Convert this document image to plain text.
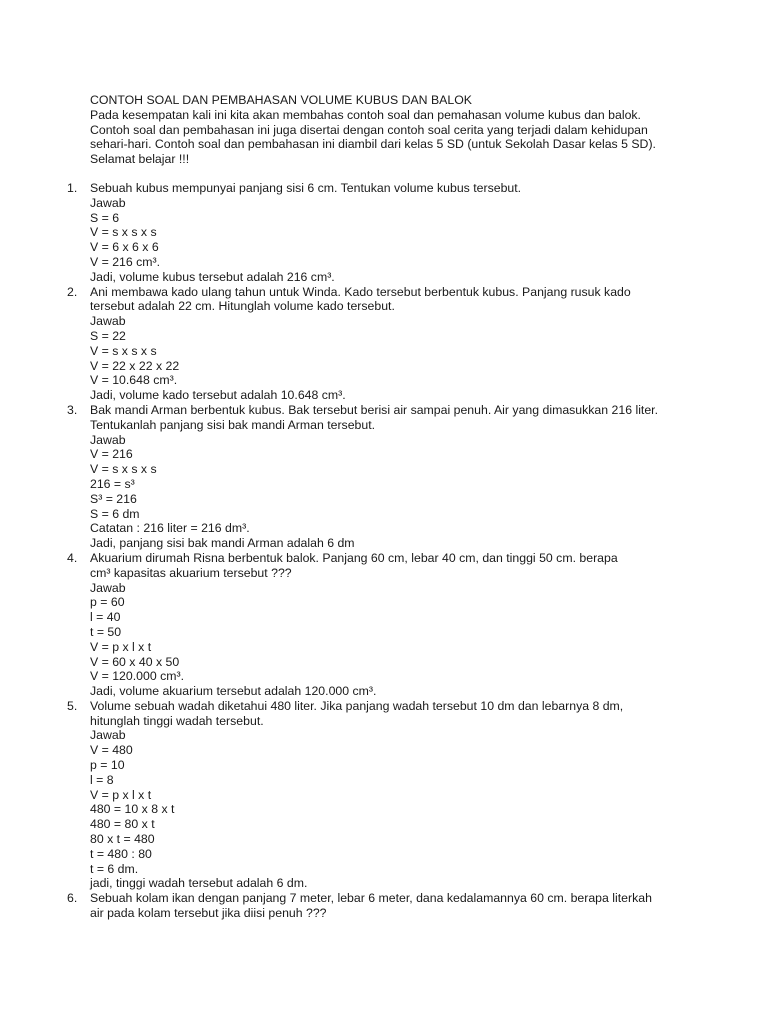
CONTOH SOAL DAN PEMBAHASAN VOLUME KUBUS DAN BALOK
Pada kesempatan kali ini kita akan membahas contoh soal dan pemahasan volume kubus dan balok.
Contoh soal dan pembahasan ini juga disertai dengan contoh soal cerita yang terjadi dalam kehidupan
sehari-hari. Contoh soal dan pembahasan ini diambil dari kelas 5 SD (untuk Sekolah Dasar kelas 5 SD).
Selamat belajar !!!
1.	Sebuah kubus mempunyai panjang sisi 6 cm. Tentukan volume kubus tersebut.
Jawab
S = 6
V = s x s x s
V = 6 x 6 x 6
V = 216 cm³.
Jadi, volume kubus tersebut adalah 216 cm³.
2.	Ani membawa kado ulang tahun untuk Winda. Kado tersebut berbentuk kubus. Panjang rusuk kado
tersebut adalah 22 cm. Hitunglah volume kado tersebut.
Jawab
S = 22
V = s x s x s
V = 22 x 22 x 22
V = 10.648 cm³.
Jadi, volume kado tersebut adalah 10.648 cm³.
3.	Bak mandi Arman berbentuk kubus. Bak tersebut berisi air sampai penuh. Air yang dimasukkan 216 liter.
Tentukanlah panjang sisi bak mandi Arman tersebut.
Jawab
V = 216
V = s x s x s
216 = s³
S³ = 216
S = 6 dm
Catatan : 216 liter = 216 dm³.
Jadi, panjang sisi bak mandi Arman adalah 6 dm
4.	Akuarium dirumah Risna berbentuk balok. Panjang 60 cm, lebar 40 cm, dan tinggi 50 cm. berapa
cm³ kapasitas akuarium tersebut ???
Jawab
p = 60
l = 40
t = 50
V = p x l x t
V = 60 x 40 x 50
V = 120.000 cm³.
Jadi, volume akuarium tersebut adalah 120.000 cm³.
5.	Volume sebuah wadah diketahui 480 liter. Jika panjang wadah tersebut 10 dm dan lebarnya 8 dm,
hitunglah tinggi wadah tersebut.
Jawab
V = 480
p = 10
l = 8
V = p x l x t
480 = 10 x 8 x t
480 = 80 x t
80 x t = 480
t = 480 : 80
t = 6 dm.
jadi, tinggi wadah tersebut adalah 6 dm.
6.	Sebuah kolam ikan dengan panjang 7 meter, lebar 6 meter, dana kedalamannya 60 cm. berapa literkah
air pada kolam tersebut jika diisi penuh ???
